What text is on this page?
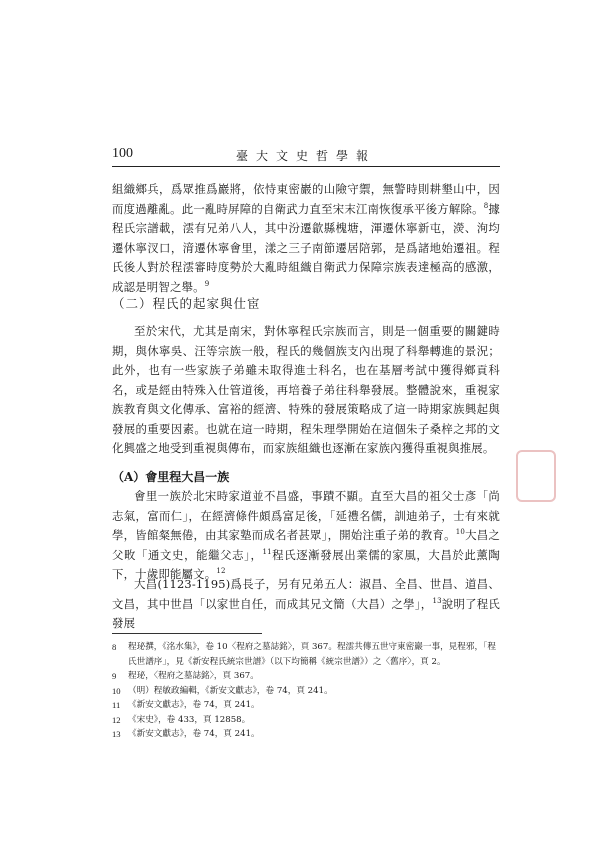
100	臺大文史哲學報

組織鄉兵，爲眾推爲巖將，依恃東密巖的山險守禦，無警時則耕墾山中，因而度過離亂。此一亂時屏障的自衛武力直至宋末江南恢復承平後方解除。$^8$據程氏宗譜載，澐有兄弟八人，其中汾遷歙縣槐塘，渾遷休寧新屯，濙、洵均遷休寧汊口，湇遷休寧會里，漾之三子南節遷居陪郭，是爲諸地始遷祖。程氏後人對於程澐審時度勢於大亂時組織自衛武力保障宗族表達極高的感激，成認是明智之舉。$^9$

（二）程氏的起家與仕宦

至於宋代，尤其是南宋，對休寧程氏宗族而言，則是一個重要的關鍵時期，與休寧吳、汪等宗族一般，程氏的幾個族支內出現了科舉轉進的景況；此外，也有一些家族子弟雖未取得進士科名，也在基層考試中獲得鄉貢科名，或是經由特殊入仕管道後，再培養子弟往科舉發展。整體說來，重視家族教育與文化傳承、富裕的經濟、特殊的發展策略成了這一時期家族興起與發展的重要因素。也就在這一時期，程朱理學開始在這個朱子桑梓之邦的文化興盛之地受到重視與傳布，而家族組織也逐漸在家族內獲得重視與推展。

（A）會里程大昌一族

會里一族於北宋時家道並不昌盛，事蹟不顯。直至大昌的祖父士彥「尚志氣，富而仁」，在經濟條件頗爲富足後，「延禮名儒，訓迪弟子，士有來就學，皆館粲無倦，由其家塾而成名者甚眾」，開始注重子弟的教育。$^{10}$大昌之父畋「通文史，能繼父志」，$^{11}$程氏逐漸發展出業儒的家風，大昌於此薰陶下，十歲即能屬文。$^{12}$

大昌(1123-1195)爲長子，另有兄弟五人：淑昌、全昌、世昌、道昌、文昌，其中世昌「以家世自任，而成其兄文簡（大昌）之學」，$^{13}$說明了程氏發展

8	程珌撰，《洺水集》，卷 10〈程府之墓誌銘〉，頁 367。程澐共傳五世守東密巖一事，見程邪，「程氏世譜序」，見《新安程氏統宗世譜》（以下均簡稱《統宗世譜》）之〈舊序〉，頁 2。

9	程珌，〈程府之墓誌銘〉，頁 367。

10 （明）程敏政編輯，《新安文獻志》，卷 74，頁 241。

11 《新安文獻志》，卷 74，頁 241。

12 《宋史》，卷 433，頁 12858。

13 《新安文獻志》，卷 74，頁 241。
